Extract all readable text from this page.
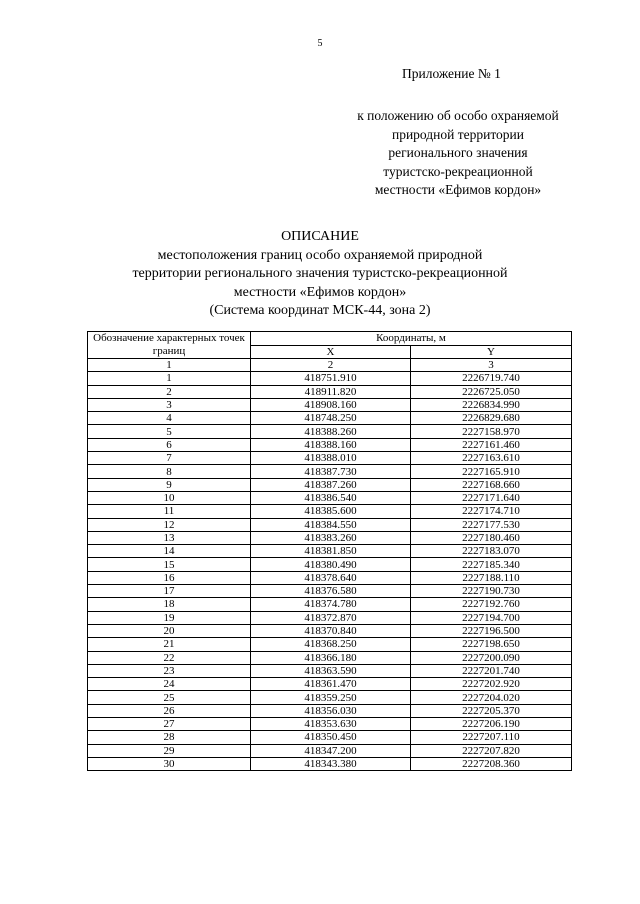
5
Приложение № 1
к положению об особо охраняемой
природной территории
регионального значения
туристско-рекреационной
местности «Ефимов кордон»
ОПИСАНИЕ
местоположения границ особо охраняемой природной
территории регионального значения туристско-рекреационной
местности «Ефимов кордон»
(Система координат МСК-44, зона 2)
Обозначение характерных точек границ	Координаты, м	
	X	Y
1	2	3
1	418751.910	2226719.740
2	418911.820	2226725.050
3	418908.160	2226834.990
4	418748.250	2226829.680
5	418388.260	2227158.970
6	418388.160	2227161.460
7	418388.010	2227163.610
8	418387.730	2227165.910
9	418387.260	2227168.660
10	418386.540	2227171.640
11	418385.600	2227174.710
12	418384.550	2227177.530
13	418383.260	2227180.460
14	418381.850	2227183.070
15	418380.490	2227185.340
16	418378.640	2227188.110
17	418376.580	2227190.730
18	418374.780	2227192.760
19	418372.870	2227194.700
20	418370.840	2227196.500
21	418368.250	2227198.650
22	418366.180	2227200.090
23	418363.590	2227201.740
24	418361.470	2227202.920
25	418359.250	2227204.020
26	418356.030	2227205.370
27	418353.630	2227206.190
28	418350.450	2227207.110
29	418347.200	2227207.820
30	418343.380	2227208.360
